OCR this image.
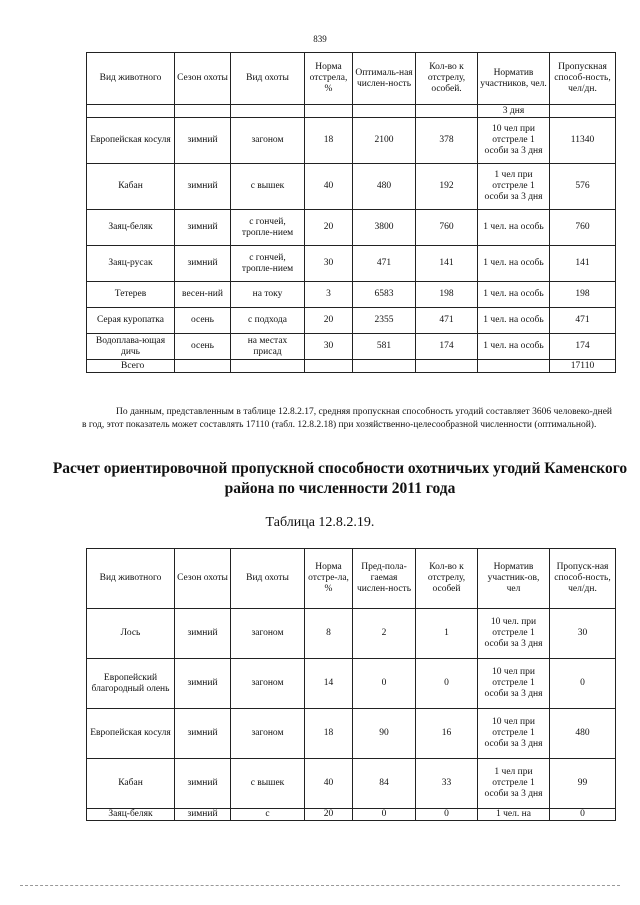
839
Вид животного	Сезон охоты	Вид охоты	Норма отстрела, %	Оптималь-ная числен-ность	Кол-во к отстрелу, особей.	Норматив участников, чел.	Пропускная способ-ность, чел/дн.
						3 дня	
Европейская косуля	зимний	загоном	18	2100	378	10 чел при отстреле 1 особи за 3 дня	11340
Кабан	зимний	с вышек	40	480	192	1 чел при отстреле 1 особи за 3 дня	576
Заяц-беляк	зимний	с гончей, тропле-нием	20	3800	760	1 чел. на особь	760
Заяц-русак	зимний	с гончей, тропле-нием	30	471	141	1 чел. на особь	141
Тетерев	весен-ний	на току	3	6583	198	1 чел. на особь	198
Серая куропатка	осень	с подхода	20	2355	471	1 чел. на особь	471
Водоплава-ющая дичь	осень	на местах присад	30	581	174	1 чел. на особь	174
Всего							17110

По данным, представленным в таблице 12.8.2.17, средняя пропускная способность угодий составляет 3606 человеко-дней в год, этот показатель может составлять 17110 (табл. 12.8.2.18) при хозяйственно-целесообразной численности (оптимальной).

Расчет ориентировочной пропускной способности охотничьих угодий Каменского района по численности 2011 года
Таблица 12.8.2.19.
Вид животного	Сезон охоты	Вид охоты	Норма отстре-ла, %	Пред-пола-гаемая числен-ность	Кол-во к отстрелу, особей	Норматив участник-ов, чел	Пропуск-ная способ-ность, чел/дн.
Лось	зимний	загоном	8	2	1	10 чел. при отстреле 1 особи за 3 дня	30
Европейский благородный олень	зимний	загоном	14	0	0	10 чел при отстреле 1 особи за 3 дня	0
Европейская косуля	зимний	загоном	18	90	16	10 чел при отстреле 1 особи за 3 дня	480
Кабан	зимний	с вышек	40	84	33	1 чел при отстреле 1 особи за 3 дня	99
Заяц-беляк	зимний	с	20	0	0	1 чел. на	0
